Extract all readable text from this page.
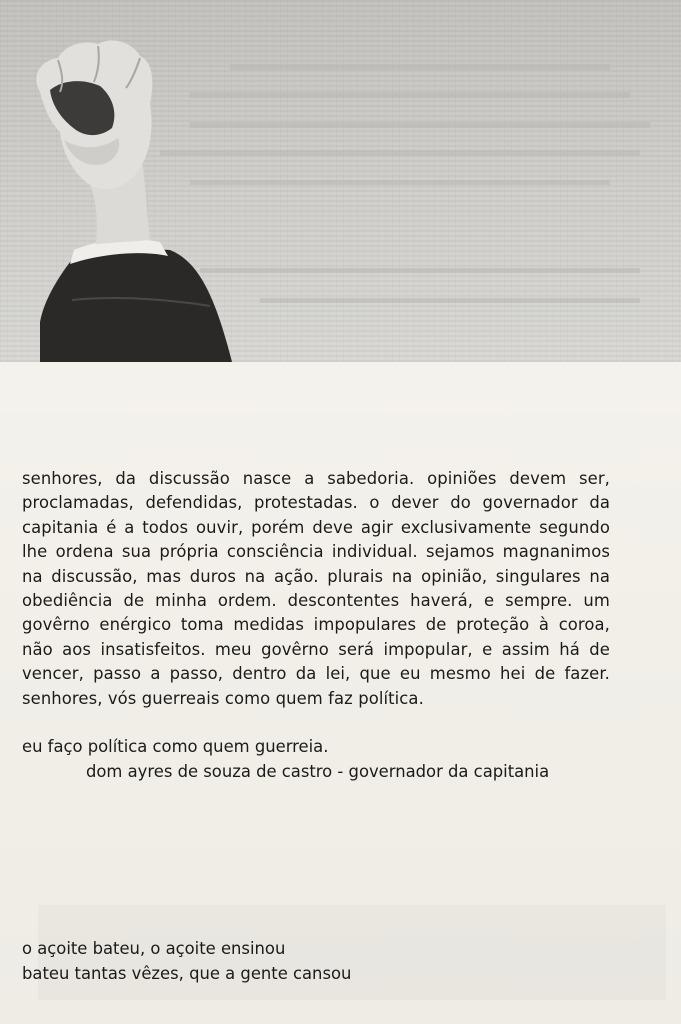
senhores, da discussão nasce a sabedoria. opiniões devem ser, proclamadas, defendidas, protestadas. o dever do governador da capitania é a todos ouvir, porém deve agir exclusivamente segundo lhe ordena sua própria consciência individual. sejamos magnanimos na discussão, mas duros na ação. plurais na opinião, singulares na obediência de minha ordem. descontentes haverá, e sempre. um govêrno enérgico toma medidas impopulares de proteção à coroa, não aos insatisfeitos. meu govêrno será impopular, e assim há de vencer, passo a passo, dentro da lei, que eu mesmo hei de fazer. senhores, vós guerreais como quem faz política.

eu faço política como quem guerreia.

dom ayres de souza de castro - governador da capitania

o açoite bateu, o açoite ensinou
bateu tantas vêzes, que a gente cansou
